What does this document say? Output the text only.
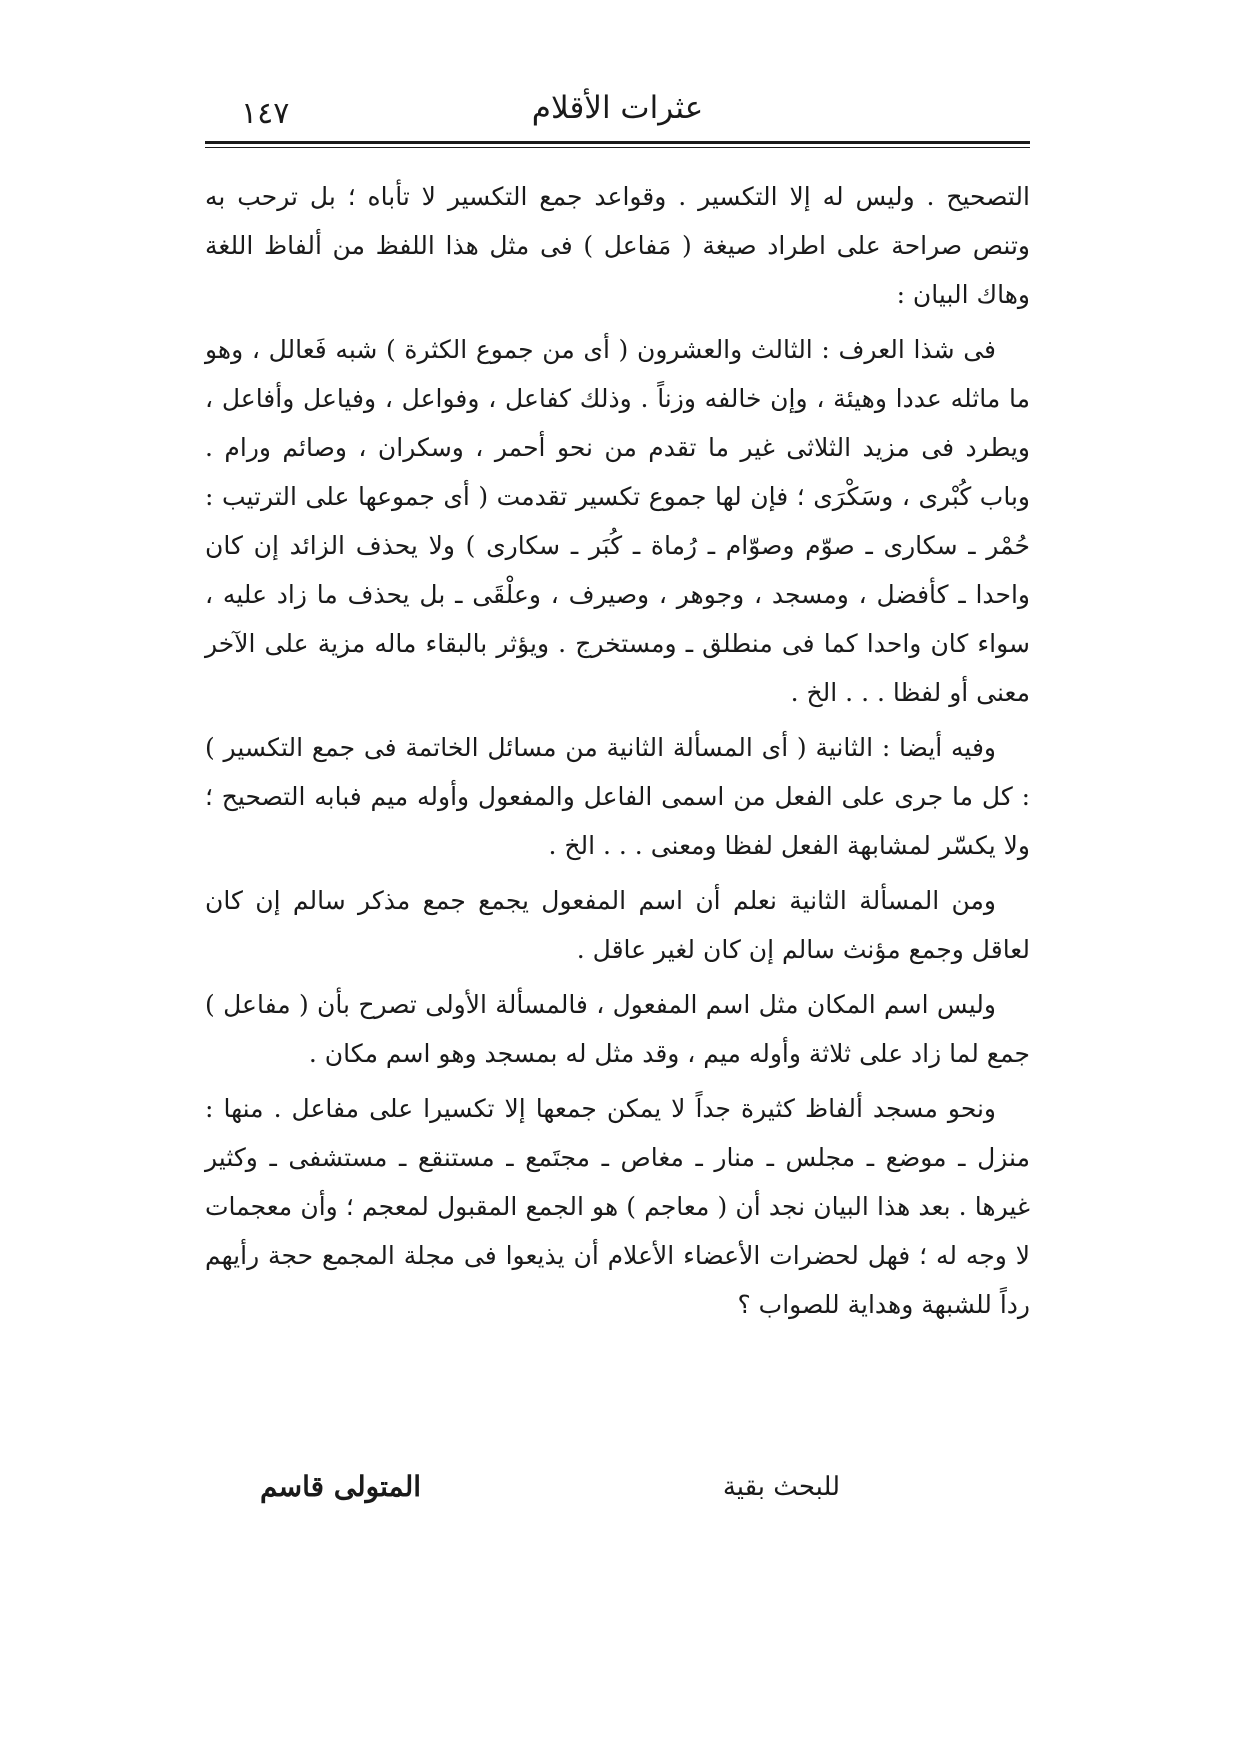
عثرات الأقلام
١٤٧

التصحيح . وليس له إلا التكسير . وقواعد جمع التكسير لا تأباه ؛ بل ترحب به وتنص صراحة على اطراد صيغة ( مَفاعل ) فى مثل هذا اللفظ من ألفاظ اللغة وهاك البيان :

فى شذا العرف : الثالث والعشرون ( أى من جموع الكثرة ) شبه فَعالل ، وهو ما ماثله عددا وهيئة ، وإن خالفه وزناً . وذلك كفاعل ، وفواعل ، وفياعل وأفاعل ، ويطرد فى مزيد الثلاثى غير ما تقدم من نحو أحمر ، وسكران ، وصائم ورام . وباب كُبْرى ، وسَكْرَى ؛ فإن لها جموع تكسير تقدمت ( أى جموعها على الترتيب : حُمْر ـ سكارى ـ صوّم وصوّام ـ رُماة ـ كُبَر ـ سكارى ) ولا يحذف الزائد إن كان واحدا ـ كأفضل ، ومسجد ، وجوهر ، وصيرف ، وعلْقَى ـ بل يحذف ما زاد عليه ، سواء كان واحدا كما فى منطلق ـ ومستخرج . ويؤثر بالبقاء ماله مزية على الآخر معنى أو لفظا . . . الخ .

وفيه أيضا : الثانية ( أى المسألة الثانية من مسائل الخاتمة فى جمع التكسير ) : كل ما جرى على الفعل من اسمى الفاعل والمفعول وأوله ميم فبابه التصحيح ؛ ولا يكسّر لمشابهة الفعل لفظا ومعنى . . . الخ .

ومن المسألة الثانية نعلم أن اسم المفعول يجمع جمع مذكر سالم إن كان لعاقل وجمع مؤنث سالم إن كان لغير عاقل .

وليس اسم المكان مثل اسم المفعول ، فالمسألة الأولى تصرح بأن ( مفاعل ) جمع لما زاد على ثلاثة وأوله ميم ، وقد مثل له بمسجد وهو اسم مكان .

ونحو مسجد ألفاظ كثيرة جداً لا يمكن جمعها إلا تكسيرا على مفاعل . منها : منزل ـ موضع ـ مجلس ـ منار ـ مغاص ـ مجتَمع ـ مستنقع ـ مستشفى ـ وكثير غيرها . بعد هذا البيان نجد أن ( معاجم ) هو الجمع المقبول لمعجم ؛ وأن معجمات لا وجه له ؛ فهل لحضرات الأعضاء الأعلام أن يذيعوا فى مجلة المجمع حجة رأيهم رداً للشبهة وهداية للصواب ؟

للبحث بقية
المتولى قاسم
